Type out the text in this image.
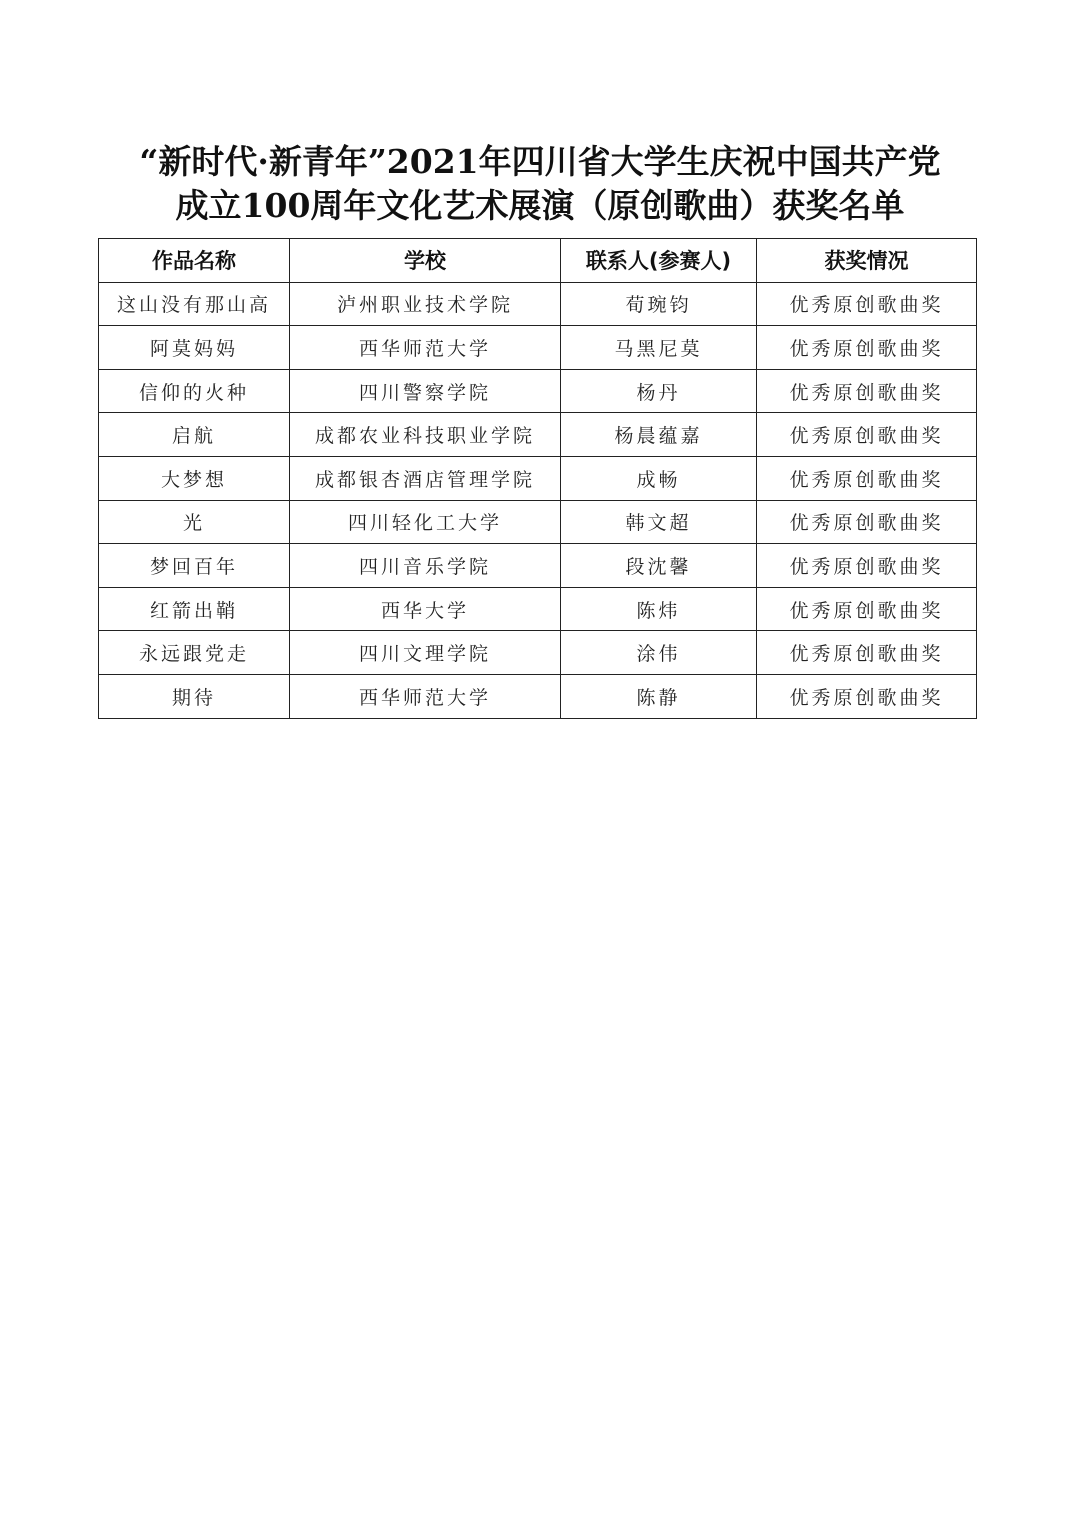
“新时代·新青年”2021年四川省大学生庆祝中国共产党
成立100周年文化艺术展演（原创歌曲）获奖名单
作品名称	学校	联系人(参赛人)	获奖情况
这山没有那山高	泸州职业技术学院	荀琬钧	优秀原创歌曲奖
阿莫妈妈	西华师范大学	马黑尼莫	优秀原创歌曲奖
信仰的火种	四川警察学院	杨丹	优秀原创歌曲奖
启航	成都农业科技职业学院	杨晨蕴嘉	优秀原创歌曲奖
大梦想	成都银杏酒店管理学院	成畅	优秀原创歌曲奖
光	四川轻化工大学	韩文超	优秀原创歌曲奖
梦回百年	四川音乐学院	段沈馨	优秀原创歌曲奖
红箭出鞘	西华大学	陈炜	优秀原创歌曲奖
永远跟党走	四川文理学院	涂伟	优秀原创歌曲奖
期待	西华师范大学	陈静	优秀原创歌曲奖
